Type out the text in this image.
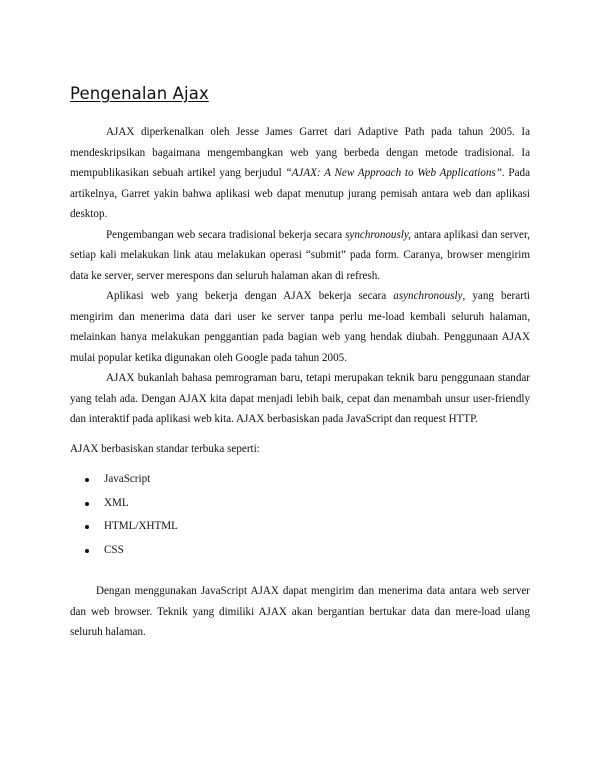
Pengenalan Ajax

AJAX diperkenalkan oleh Jesse James Garret dari Adaptive Path pada tahun 2005. Ia mendeskripsikan bagaimana mengembangkan web yang berbeda dengan metode tradisional. Ia mempublikasikan sebuah artikel yang berjudul “AJAX: A New Approach to Web Applications”. Pada artikelnya, Garret yakin bahwa aplikasi web dapat menutup jurang pemisah antara web dan aplikasi desktop.

Pengembangan web secara tradisional bekerja secara synchronously, antara aplikasi dan server, setiap kali melakukan link atau melakukan operasi “submit” pada form. Caranya, browser mengirim data ke server, server merespons dan seluruh halaman akan di refresh.

Aplikasi web yang bekerja dengan AJAX bekerja secara asynchronously, yang berarti mengirim dan menerima data dari user ke server tanpa perlu me-load kembali seluruh halaman, melainkan hanya melakukan penggantian pada bagian web yang hendak diubah. Penggunaan AJAX mulai popular ketika digunakan oleh Google pada tahun 2005.

AJAX bukanlah bahasa pemrograman baru, tetapi merupakan teknik baru penggunaan standar yang telah ada. Dengan AJAX kita dapat menjadi lebih baik, cepat dan menambah unsur user-friendly dan interaktif pada aplikasi web kita. AJAX berbasiskan pada JavaScript dan request HTTP.

AJAX berbasiskan standar terbuka seperti:

JavaScript
XML
HTML/XHTML
CSS

Dengan menggunakan JavaScript AJAX dapat mengirim dan menerima data antara web server dan web browser. Teknik yang dimiliki AJAX akan bergantian bertukar data dan mere-load ulang seluruh halaman.
